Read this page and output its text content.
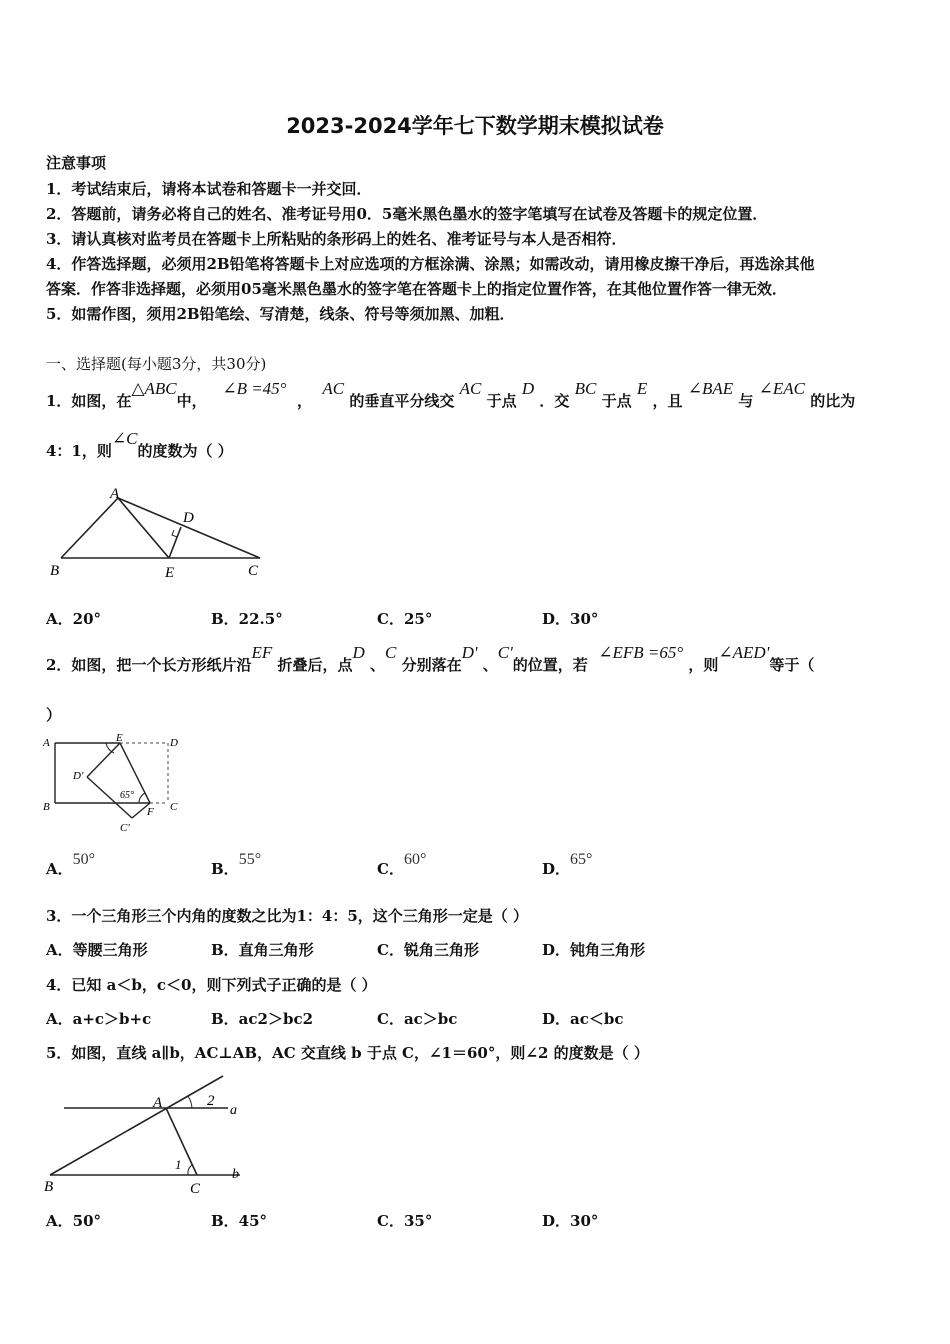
2023-2024学年七下数学期末模拟试卷
注意事项
1．考试结束后，请将本试卷和答题卡一并交回．
2．答题前，请务必将自己的姓名、准考证号用0．5毫米黑色墨水的签字笔填写在试卷及答题卡的规定位置．
3．请认真核对监考员在答题卡上所粘贴的条形码上的姓名、准考证号与本人是否相符．
4．作答选择题，必须用2B铅笔将答题卡上对应选项的方框涂满、涂黑；如需改动，请用橡皮擦干净后，再选涂其他
答案．作答非选择题，必须用05毫米黑色墨水的签字笔在答题卡上的指定位置作答，在其他位置作答一律无效．
5．如需作图，须用2B铅笔绘、写清楚，线条、符号等须加黑、加粗．
一、选择题(每小题3分，共30分)
1．如图，在△ABC中，   ∠B =45°  ，  AC 的垂直平分线交 AC 于点 D ．交 BC 于点 E ，且 ∠BAE 与 ∠EAC 的比为
4：1，则∠C的度数为（ ）
A
B	C
D
E
A．20°	B．22.5°	C．25°	D．30°
2．如图，把一个长方形纸片沿EF 折叠后，点D 、C 分别落在D' 、C'的位置，若  ∠EFB =65° ，则∠AED'等于（
）
A
B	C
D
E
F
D'
C'
65°
A．50°
B．55°
C．60°
D．65°
3．一个三角形三个内角的度数之比为1：4：5，这个三角形一定是（ ）
A．等腰三角形	B．直角三角形	C．锐角三角形	D．钝角三角形
4．已知 a＜b，c＜0，则下列式子正确的是（ ）
A．a+c＞b+c	B．ac2＞bc2	C．ac＞bc	D．ac＜bc
5．如图，直线 a∥b，AC⊥AB，AC 交直线 b 于点 C，∠1＝60°，则∠2 的度数是（ ）
A
B	C
a
b
1
2
A．50°	B．45°	C．35°	D．30°
